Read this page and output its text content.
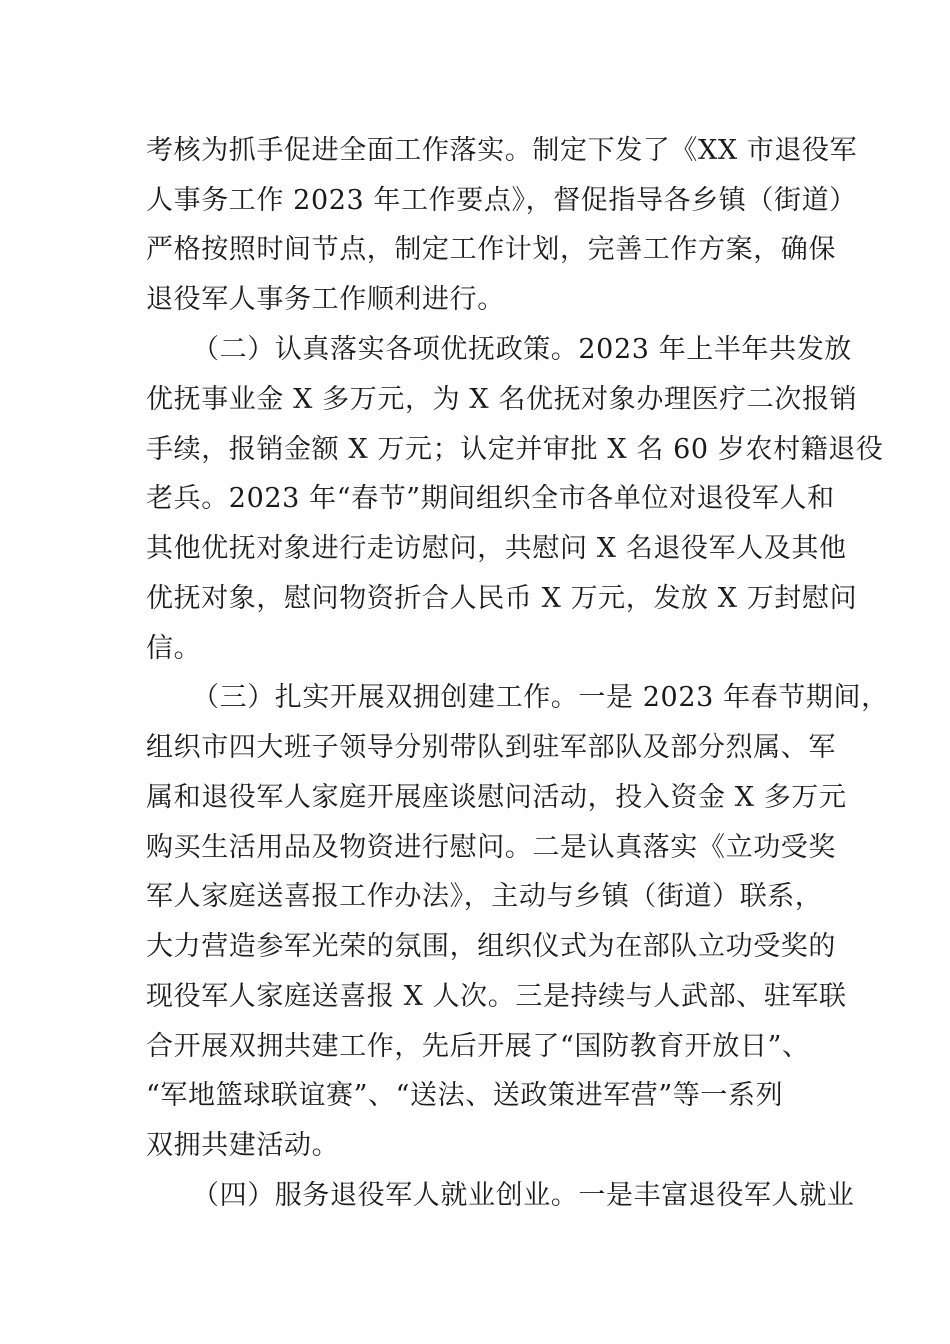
考核为抓手促进全面工作落实。制定下发了《XX 市退役军
人事务工作 2023 年工作要点》，督促指导各乡镇（街道）
严格按照时间节点，制定工作计划，完善工作方案，确保
退役军人事务工作顺利进行。
（二）认真落实各项优抚政策。2023 年上半年共发放
优抚事业金 X 多万元，为 X 名优抚对象办理医疗二次报销
手续，报销金额 X 万元；认定并审批 X 名 60 岁农村籍退役
老兵。2023 年“春节”期间组织全市各单位对退役军人和
其他优抚对象进行走访慰问，共慰问 X 名退役军人及其他
优抚对象，慰问物资折合人民币 X 万元，发放 X 万封慰问
信。
（三）扎实开展双拥创建工作。一是 2023 年春节期间，
组织市四大班子领导分别带队到驻军部队及部分烈属、军
属和退役军人家庭开展座谈慰问活动，投入资金 X 多万元
购买生活用品及物资进行慰问。二是认真落实《立功受奖
军人家庭送喜报工作办法》，主动与乡镇（街道）联系，
大力营造参军光荣的氛围，组织仪式为在部队立功受奖的
现役军人家庭送喜报 X 人次。三是持续与人武部、驻军联
合开展双拥共建工作，先后开展了“国防教育开放日”、
“军地篮球联谊赛”、“送法、送政策进军营”等一系列
双拥共建活动。
（四）服务退役军人就业创业。一是丰富退役军人就业
